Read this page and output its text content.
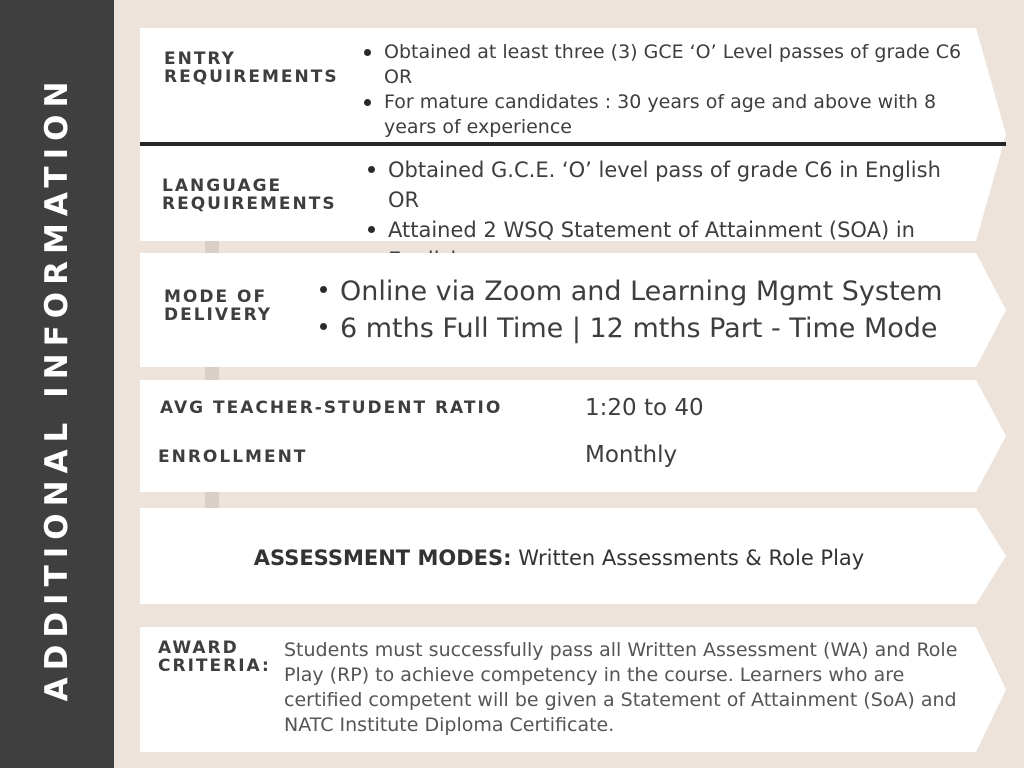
ADDITIONAL INFORMATION
ENTRY
REQUIREMENTS
Obtained at least three (3) GCE ‘O’ Level passes of grade C6 OR
For mature candidates : 30 years of age and above with 8 years of experience
LANGUAGE
REQUIREMENTS
Obtained G.C.E. ‘O’ level pass of grade C6 in English OR
Attained 2 WSQ Statement of Attainment (SOA) in
MODE OF
DELIVERY
Online via Zoom and Learning Mgmt System
6 mths Full Time | 12 mths Part - Time Mode
AVG TEACHER-STUDENT RATIO	1:20 to 40
ENROLLMENT	Monthly
ASSESSMENT MODES: Written Assessments & Role Play
AWARD
CRITERIA:
Students must successfully pass all Written Assessment (WA) and Role Play (RP) to achieve competency in the course. Learners who are certified competent will be given a Statement of Attainment (SoA) and NATC Institute Diploma Certificate.
